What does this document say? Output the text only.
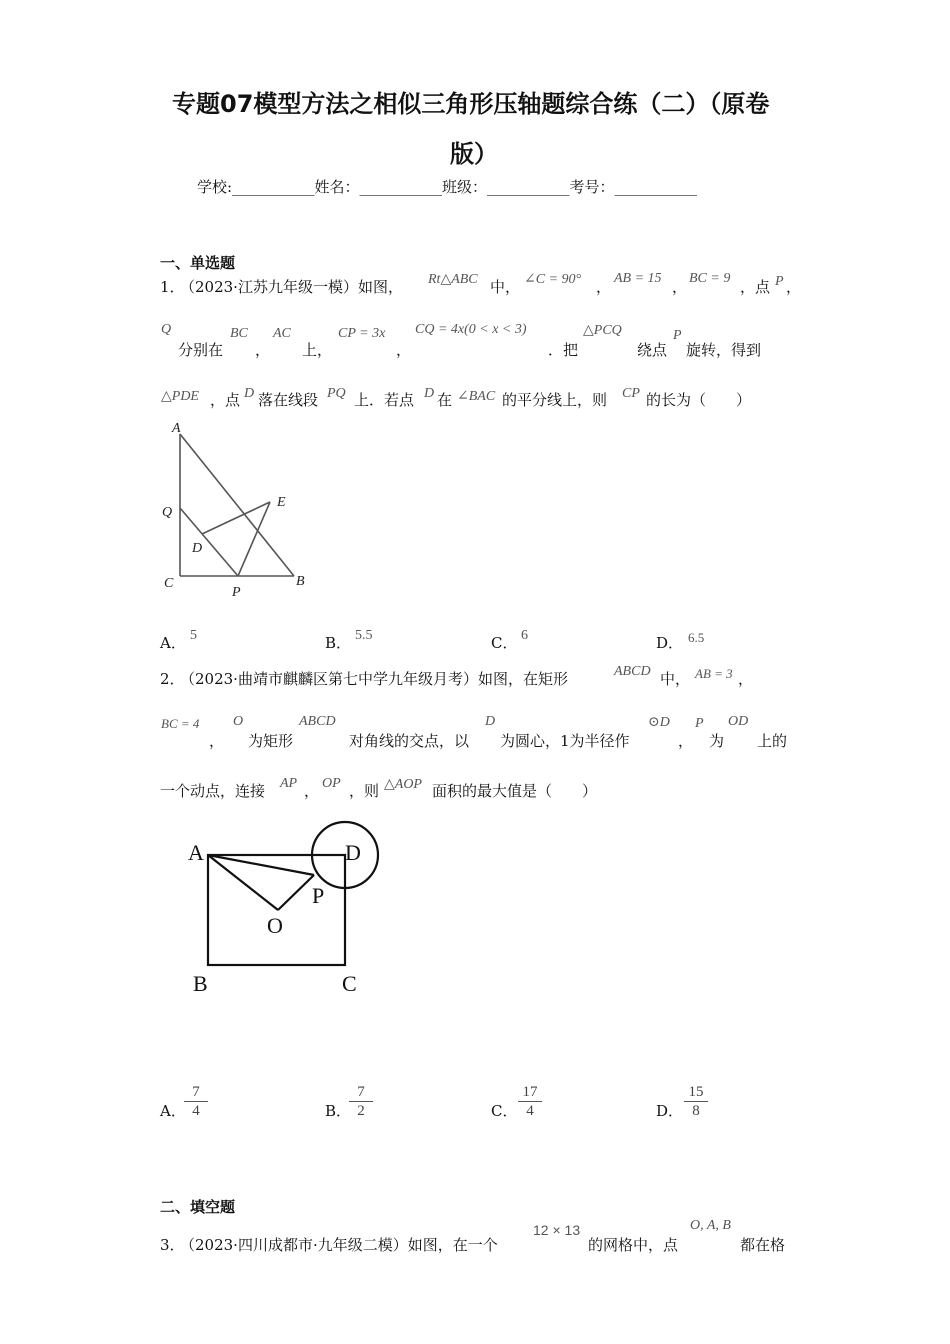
专题07模型方法之相似三角形压轴题综合练（二）（原卷
版）
学校:___________姓名：___________班级：___________考号：___________
一、单选题
1．
（2023·江苏九年级一模）如图， Rt△ABC 中， ∠C = 90° ， AB = 15 ， BC = 9 ，点 P ，
Q
分别在
BC
，
AC
上，
CP = 3x
，
CQ = 4x(0 < x < 3)
．把
△PCQ
绕点
P
旋转，得到
△PDE ，点 D 落在线段 PQ 上．若点 D 在 ∠BAC 的平分线上，则 CP 的长为（　　）
A
Q
E
D
C
P
B
A． 5	B． 5.5	C． 6	D． 6.5
2．
（2023·曲靖市麒麟区第七中学九年级月考）如图，在矩形	ABCD 中， AB = 3 ，
BC = 4
，
O
为矩形
ABCD
对角线的交点，以
D
为圆心，1为半径作
⊙D
，
P
为
OD
上的
一个动点，连接 AP ， OP ，则 △AOP 面积的最大值是（　　）
A	D
P
O
B	C
A．
$\frac{7}{4}$	B．
$\frac{7}{2}$	C． $\frac{17}{4}$	D． $\frac{15}{8}$
二、填空题
3．
（2023·四川成都市·九年级二模）如图，在一个
12 × 13
的网格中，点
O, A, B
都在格
